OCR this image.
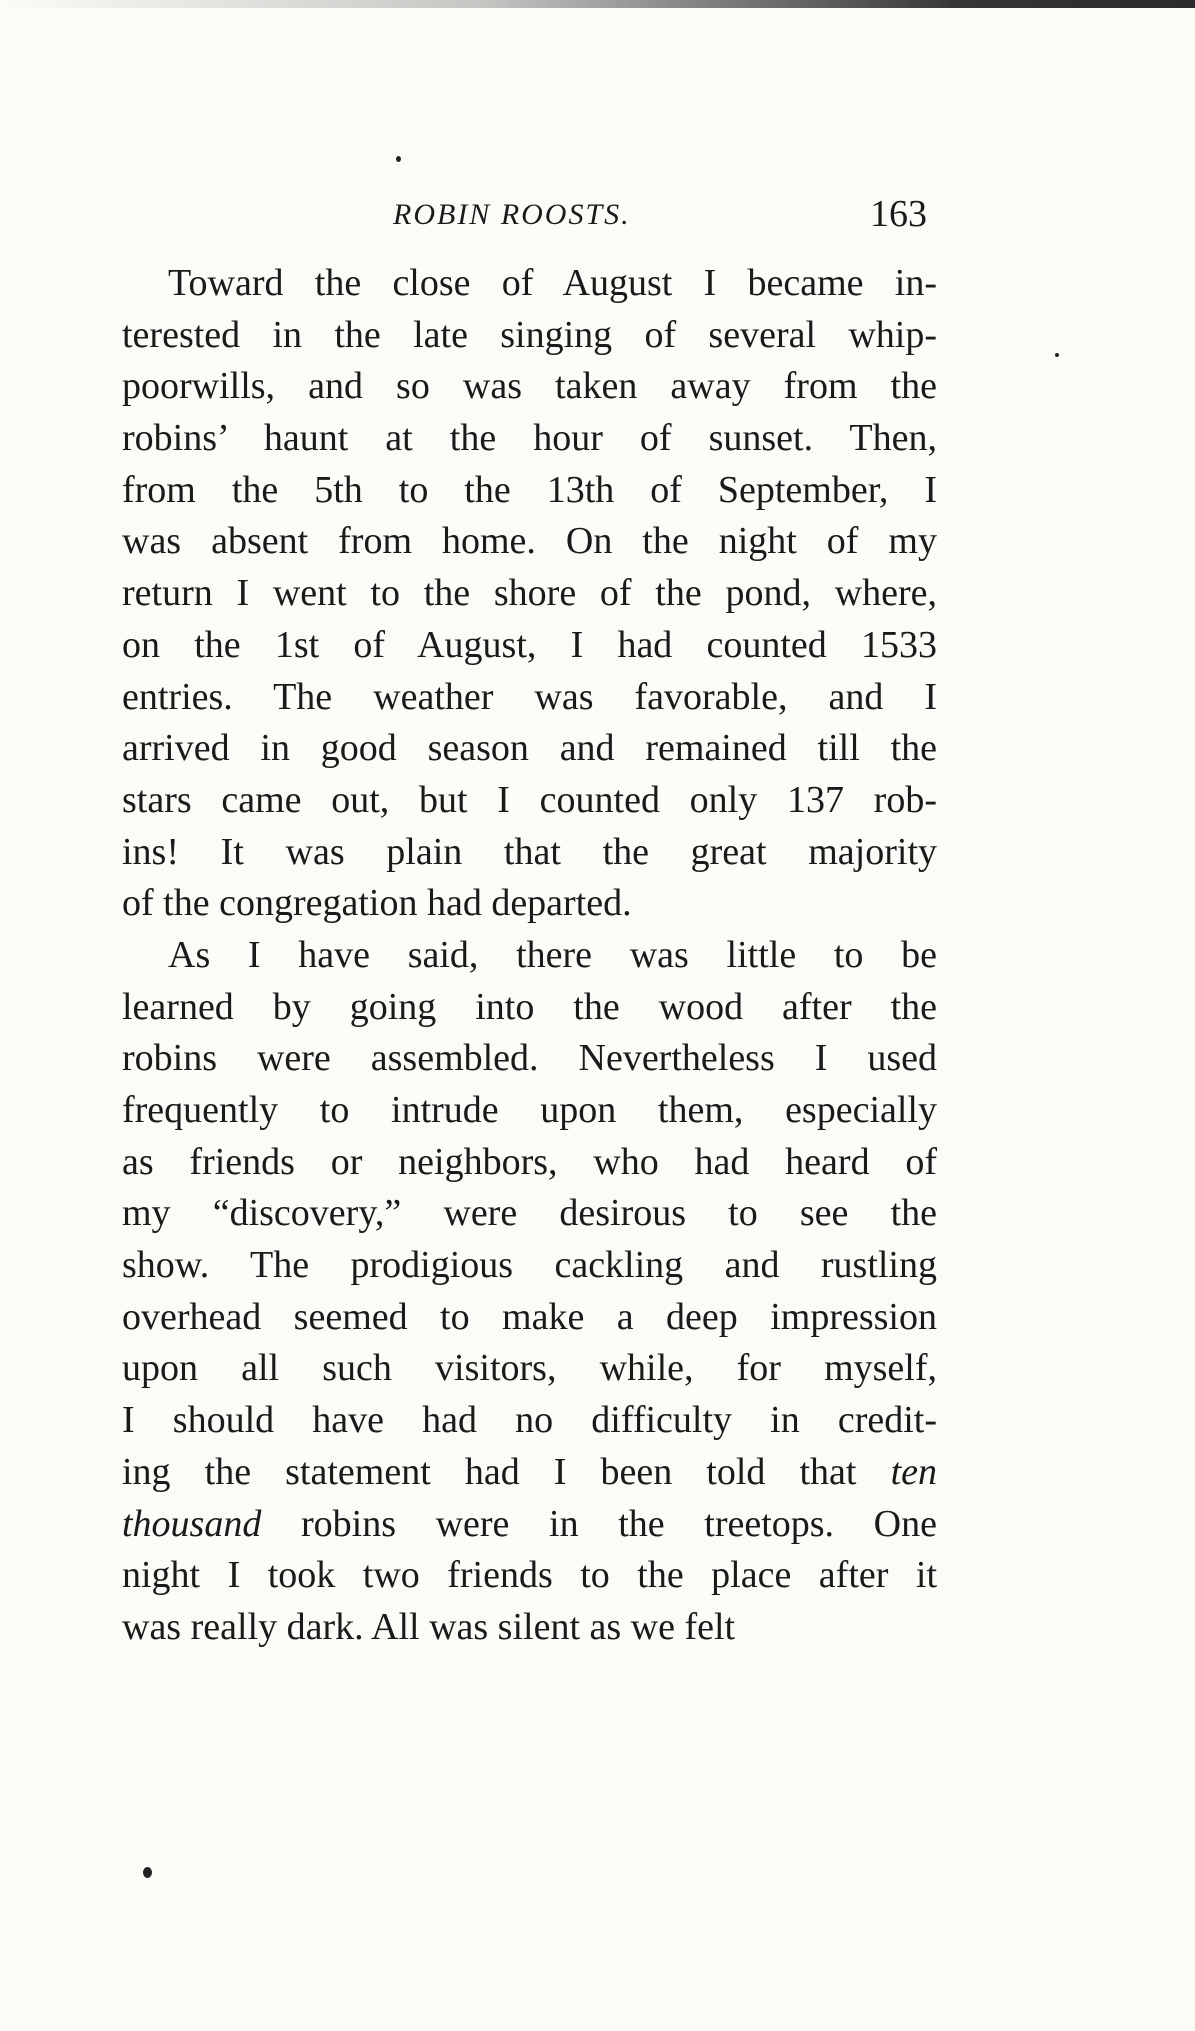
ROBIN ROOSTS.	163
Toward the close of August I became in-
terested in the late singing of several whip-
poorwills, and so was taken away from the
robins’ haunt at the hour of sunset. Then,
from the 5th to the 13th of September, I
was absent from home. On the night of my
return I went to the shore of the pond, where,
on the 1st of August, I had counted 1533
entries. The weather was favorable, and I
arrived in good season and remained till the
stars came out, but I counted only 137 rob-
ins! It was plain that the great majority
of the congregation had departed.
As I have said, there was little to be
learned by going into the wood after the
robins were assembled. Nevertheless I used
frequently to intrude upon them, especially
as friends or neighbors, who had heard of
my “discovery,” were desirous to see the
show. The prodigious cackling and rustling
overhead seemed to make a deep impression
upon all such visitors, while, for myself,
I should have had no difficulty in credit-
ing the statement had I been told that ten
thousand robins were in the treetops. One
night I took two friends to the place after it
was really dark. All was silent as we felt
